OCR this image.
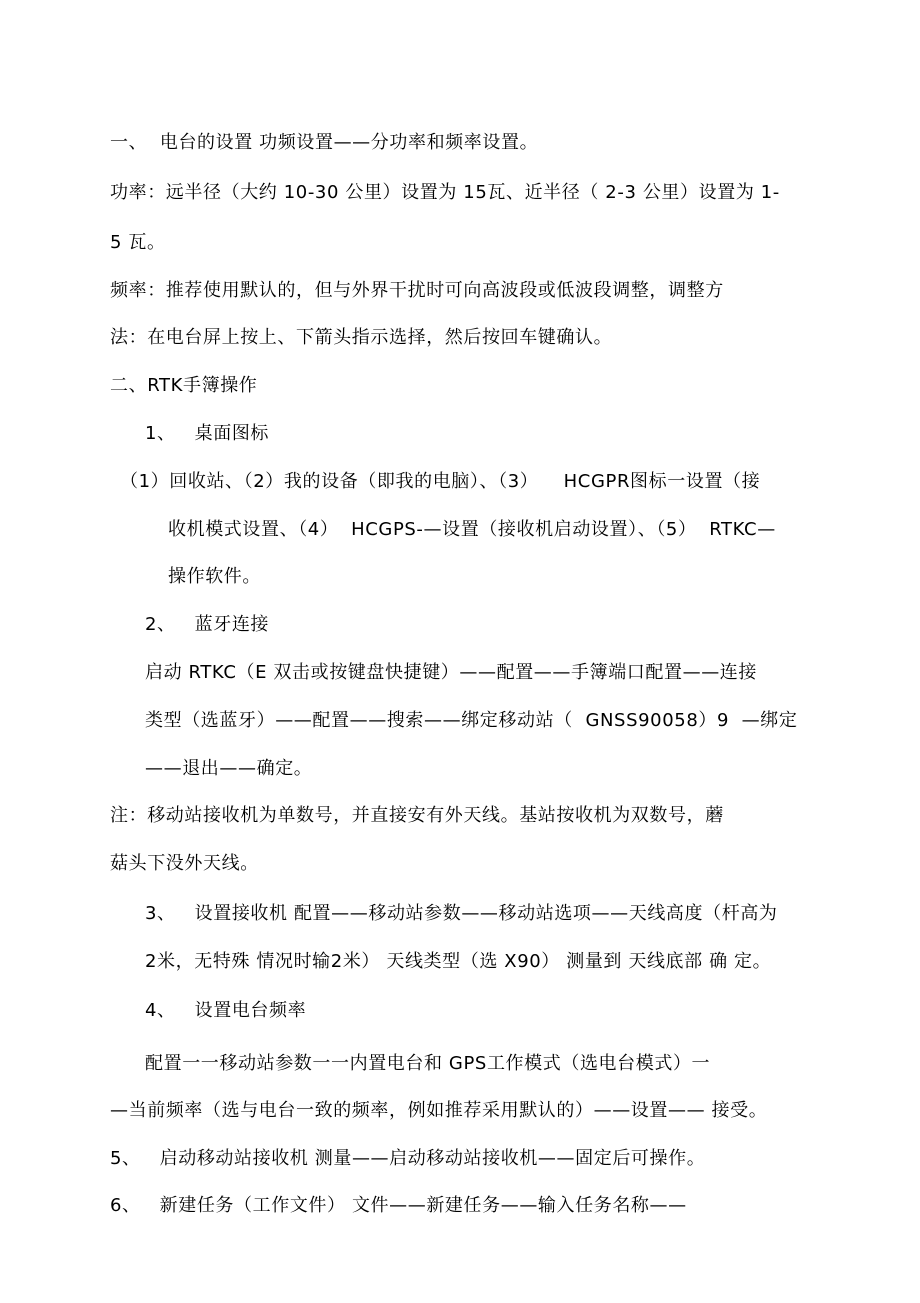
一、  电台的设置 功频设置——分功率和频率设置。
功率：远半径（大约 10-30 公里）设置为 15瓦、近半径（ 2-3 公里）设置为 1-
5 瓦。
频率：推荐使用默认的，但与外界干扰时可向高波段或低波段调整，调整方
法：在电台屏上按上、下箭头指示选择，然后按回车键确认。
二、RTK手簿操作
1、   桌面图标
（1）回收站、（2）我的设备（即我的电脑）、（3）    HCGPR图标一设置（接
收机模式设置、（4）  HCGPS-—设置（接收机启动设置）、（5）  RTKC—
操作软件。
2、   蓝牙连接
启动 RTKC（E 双击或按键盘快捷键）——配置——手簿端口配置——连接
类型（选蓝牙）——配置——搜索——绑定移动站（  GNSS90058）9  —绑定
——退出——确定。
注：移动站接收机为单数号，并直接安有外天线。基站按收机为双数号，蘑
菇头下没外天线。
3、   设置接收机 配置——移动站参数——移动站选项——天线高度（杆高为
2米，无特殊 情况时输2米） 天线类型（选 X90） 测量到 天线底部 确 定。
4、   设置电台频率
配置一一移动站参数一一内置电台和 GPS工作模式（选电台模式）一
—当前频率（选与电台一致的频率，例如推荐采用默认的）——设置—— 接受。
5、   启动移动站接收机 测量——启动移动站接收机——固定后可操作。
6、   新建任务（工作文件） 文件——新建任务——输入任务名称——
